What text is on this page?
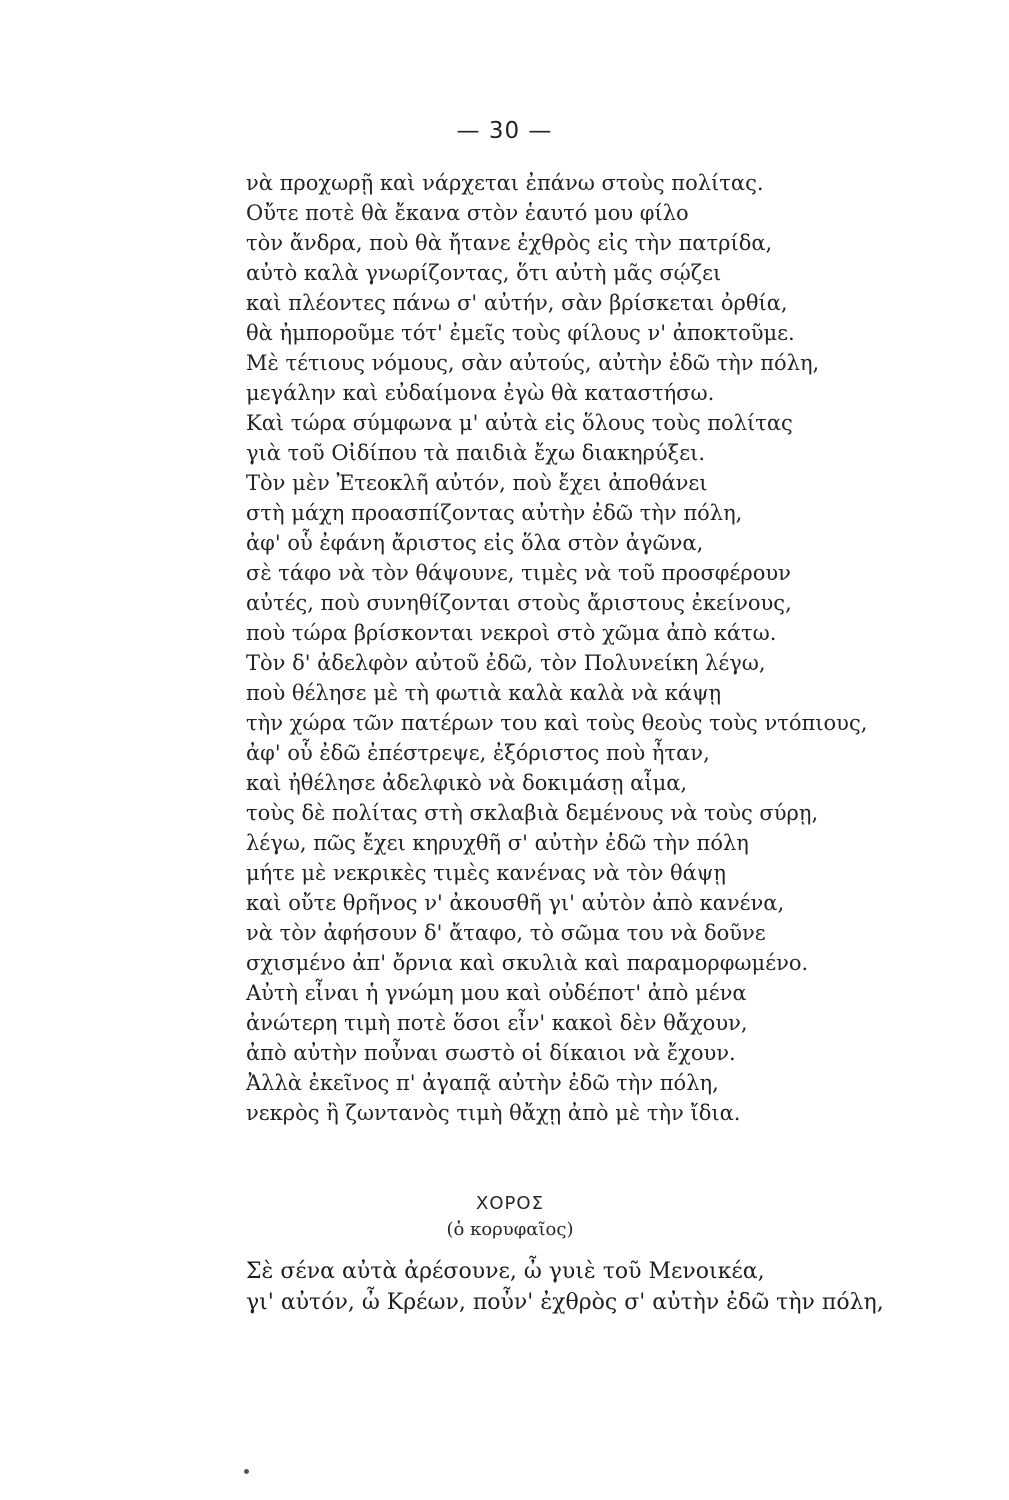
— 30 —
νὰ προχωρῇ καὶ νάρχεται ἐπάνω στοὺς πολίτας.
Οὔτε ποτὲ θὰ ἔκανα στὸν ἑαυτό μου φίλο
τὸν ἄνδρα, ποὺ θὰ ἤτανε ἐχθρὸς εἰς τὴν πατρίδα,
αὐτὸ καλὰ γνωρίζοντας, ὅτι αὐτὴ μᾶς σῴζει
καὶ πλέοντες πάνω σ' αὐτήν, σὰν βρίσκεται ὀρθία,
θὰ ἠμποροῦμε τότ' ἐμεῖς τοὺς φίλους ν' ἀποκτοῦμε.
Μὲ τέτιους νόμους, σὰν αὐτούς, αὐτὴν ἐδῶ τὴν πόλη,
μεγάλην καὶ εὐδαίμονα ἐγὼ θὰ καταστήσω.
Καὶ τώρα σύμφωνα μ' αὐτὰ εἰς ὅλους τοὺς πολίτας
γιὰ τοῦ Οἰδίπου τὰ παιδιὰ ἔχω διακηρύξει.
Τὸν μὲν Ἐτεοκλῆ αὐτόν, ποὺ ἔχει ἀποθάνει
στὴ μάχη προασπίζοντας αὐτὴν ἐδῶ τὴν πόλη,
ἀφ' οὗ ἐφάνη ἄριστος εἰς ὅλα στὸν ἀγῶνα,
σὲ τάφο νὰ τὸν θάψουνε, τιμὲς νὰ τοῦ προσφέρουν
αὐτές, ποὺ συνηθίζονται στοὺς ἄριστους ἐκείνους,
ποὺ τώρα βρίσκονται νεκροὶ στὸ χῶμα ἀπὸ κάτω.
Τὸν δ' ἀδελφὸν αὐτοῦ ἐδῶ, τὸν Πολυνείκη λέγω,
ποὺ θέλησε μὲ τὴ φωτιὰ καλὰ καλὰ νὰ κάψῃ
τὴν χώρα τῶν πατέρων του καὶ τοὺς θεοὺς τοὺς ντόπιους,
ἀφ' οὗ ἐδῶ ἐπέστρεψε, ἐξόριστος ποὺ ἦταν,
καὶ ἠθέλησε ἀδελφικὸ νὰ δοκιμάσῃ αἷμα,
τοὺς δὲ πολίτας στὴ σκλαβιὰ δεμένους νὰ τοὺς σύρῃ,
λέγω, πῶς ἔχει κηρυχθῆ σ' αὐτὴν ἐδῶ τὴν πόλη
μήτε μὲ νεκρικὲς τιμὲς κανένας νὰ τὸν θάψῃ
καὶ οὔτε θρῆνος ν' ἀκουσθῆ γι' αὐτὸν ἀπὸ κανένα,
νὰ τὸν ἀφήσουν δ' ἄταφο, τὸ σῶμα του νὰ δοῦνε
σχισμένο ἀπ' ὄρνια καὶ σκυλιὰ καὶ παραμορφωμένο.
Αὐτὴ εἶναι ἡ γνώμη μου καὶ οὐδέποτ' ἀπὸ μένα
ἀνώτερη τιμὴ ποτὲ ὅσοι εἶν' κακοὶ δὲν θἄχουν,
ἀπὸ αὐτὴν ποὖναι σωστὸ οἱ δίκαιοι νὰ ἔχουν.
Ἀλλὰ ἐκεῖνος π' ἀγαπᾷ αὐτὴν ἐδῶ τὴν πόλη,
νεκρὸς ἢ ζωντανὸς τιμὴ θἄχῃ ἀπὸ μὲ τὴν ἴδια.
ΧΟΡΟΣ
(ὁ κορυφαῖος)
Σὲ σένα αὐτὰ ἀρέσουνε, ὦ γυιὲ τοῦ Μενοικέα,
γι' αὐτόν, ὦ Κρέων, ποὖν' ἐχθρὸς σ' αὐτὴν ἐδῶ τὴν πόλη,
